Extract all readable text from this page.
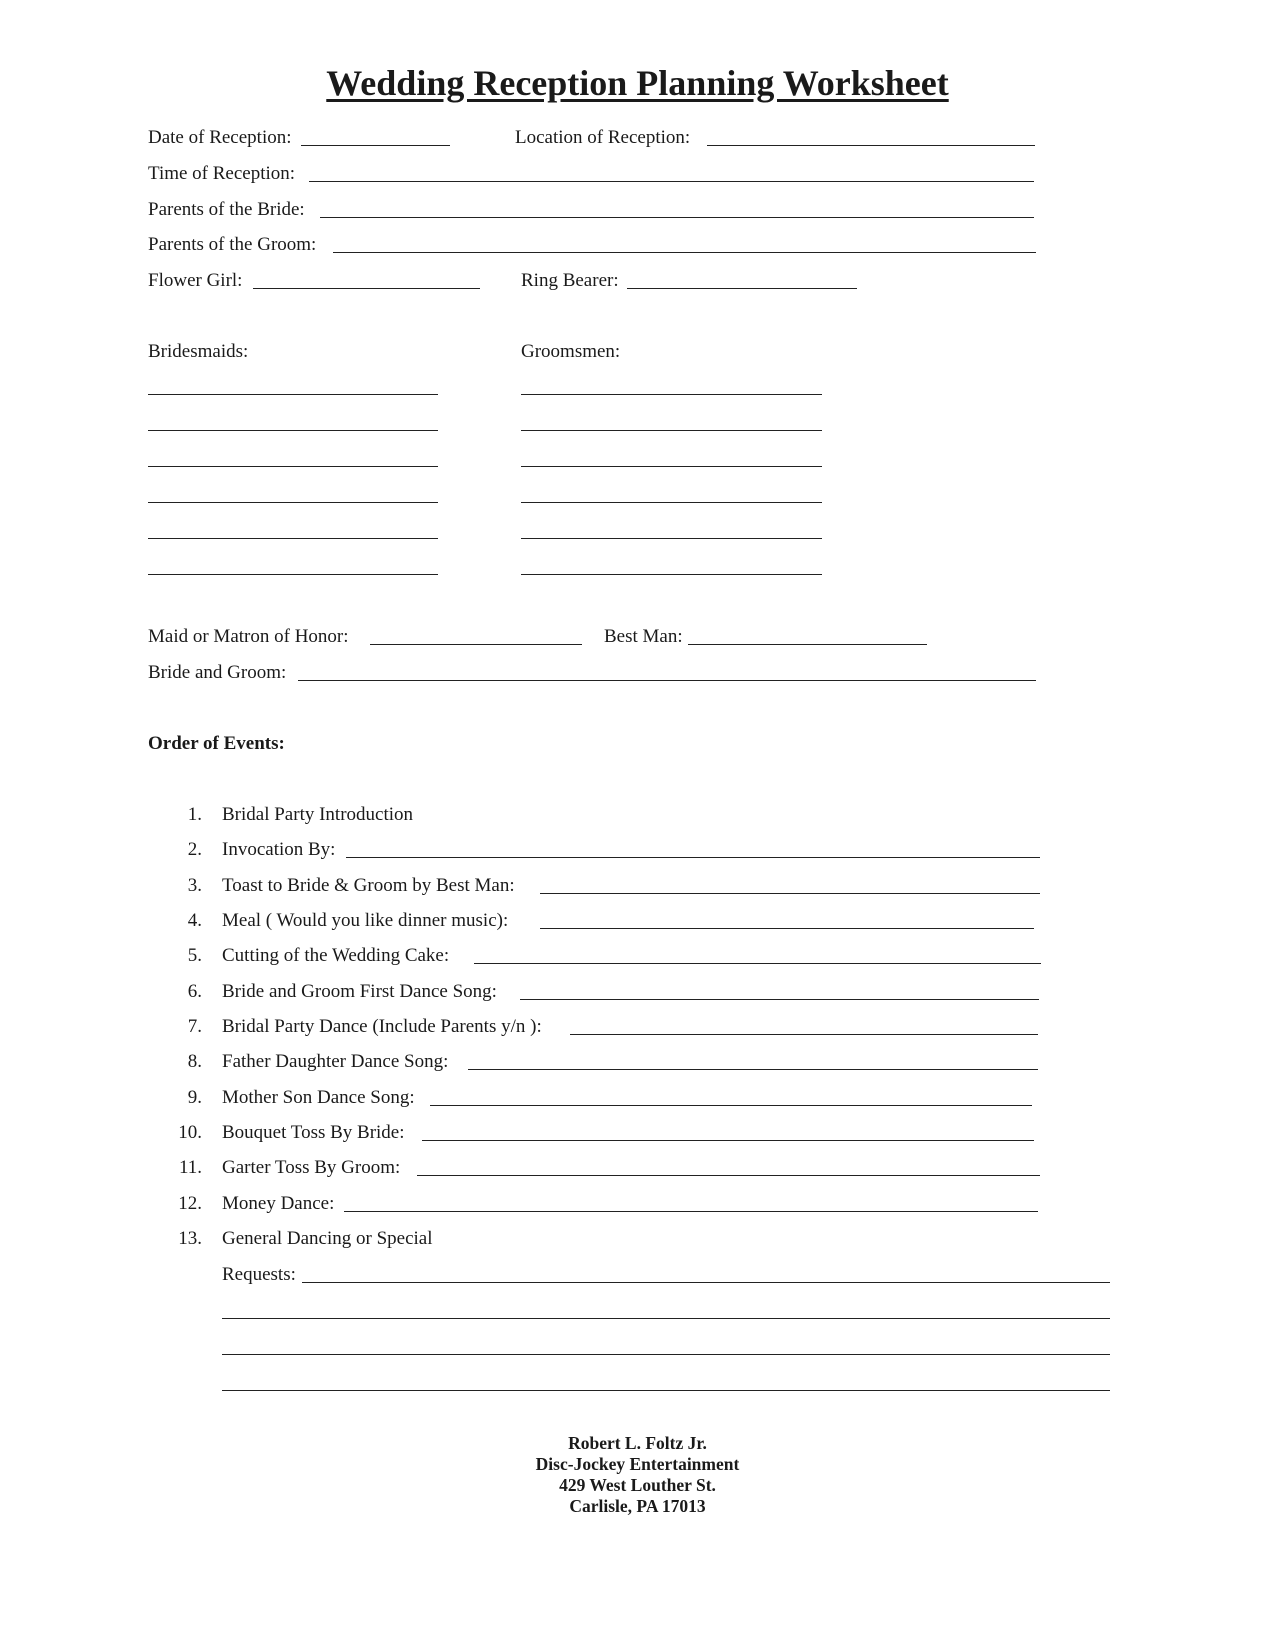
Wedding Reception Planning Worksheet
Date of Reception:	Location of Reception:
Time of Reception:
Parents of the Bride:
Parents of the Groom:
Flower Girl:	Ring Bearer:
Bridesmaids:	Groomsmen:
Maid or Matron of Honor:	Best Man:
Bride and Groom:
Order of Events:
1. Bridal Party Introduction
2. Invocation By:
3. Toast to Bride & Groom by Best Man:
4. Meal ( Would you like dinner music):
5. Cutting of the Wedding Cake:
6. Bride and Groom First Dance Song:
7. Bridal Party Dance (Include Parents y/n ):
8. Father Daughter Dance Song:
9. Mother Son Dance Song:
10. Bouquet Toss By Bride:
11. Garter Toss By Groom:
12. Money Dance:
13. General Dancing or Special
Requests:
Robert L. Foltz Jr.
Disc-Jockey Entertainment
429 West Louther St.
Carlisle, PA 17013
